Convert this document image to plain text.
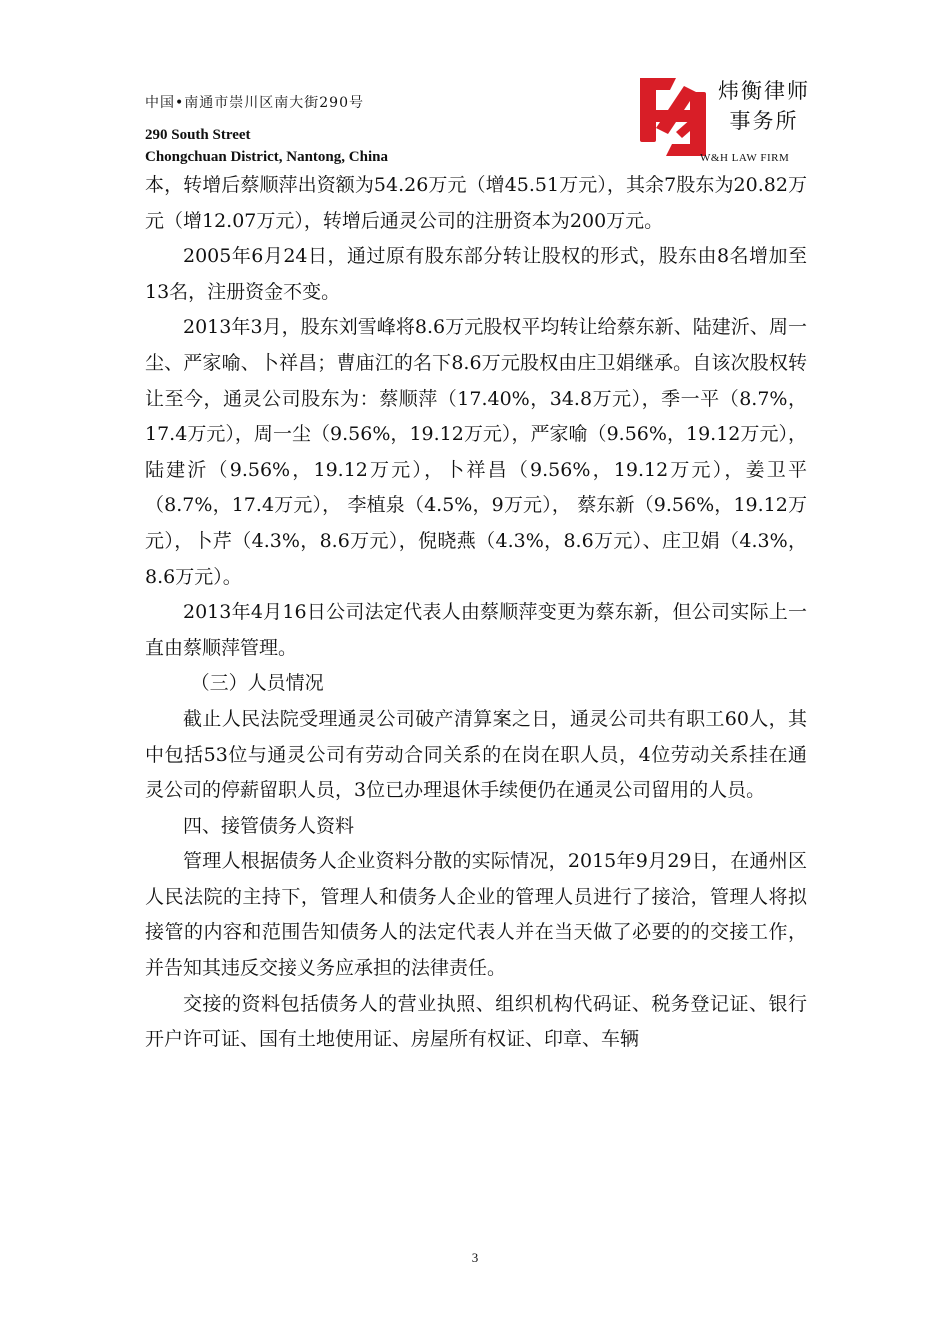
中国•南通市崇川区南大街290号
290 South Street
Chongchuan District, Nantong, China
炜衡律师
事务所
W&H LAW FIRM

本，转增后蔡顺萍出资额为54.26万元（增45.51万元），其余7股东为20.82万元（增12.07万元），转增后通灵公司的注册资本为200万元。

2005年6月24日，通过原有股东部分转让股权的形式，股东由8名增加至13名，注册资金不变。

2013年3月，股东刘雪峰将8.6万元股权平均转让给蔡东新、陆建沂、周一尘、严家喻、卜祥昌；曹庙江的名下8.6万元股权由庄卫娟继承。自该次股权转让至今，通灵公司股东为：蔡顺萍（17.40%，34.8万元），季一平（8.7%，17.4万元），周一尘（9.56%，19.12万元），严家喻（9.56%，19.12万元）， 陆建沂（9.56%，19.12万元），卜祥昌（9.56%，19.12万元），姜卫平（8.7%，17.4万元）， 李植泉（4.5%，9万元）， 蔡东新（9.56%，19.12万元），卜芹（4.3%，8.6万元），倪晓燕（4.3%，8.6万元）、庄卫娟（4.3%，8.6万元）。

2013年4月16日公司法定代表人由蔡顺萍变更为蔡东新，但公司实际上一直由蔡顺萍管理。

（三）人员情况

截止人民法院受理通灵公司破产清算案之日，通灵公司共有职工60人，其中包括53位与通灵公司有劳动合同关系的在岗在职人员，4位劳动关系挂在通灵公司的停薪留职人员，3位已办理退休手续便仍在通灵公司留用的人员。

四、接管债务人资料

管理人根据债务人企业资料分散的实际情况，2015年9月29日，在通州区人民法院的主持下，管理人和债务人企业的管理人员进行了接洽，管理人将拟接管的内容和范围告知债务人的法定代表人并在当天做了必要的的交接工作，并告知其违反交接义务应承担的法律责任。

交接的资料包括债务人的营业执照、组织机构代码证、税务登记证、银行开户许可证、国有土地使用证、房屋所有权证、印章、车辆

3
